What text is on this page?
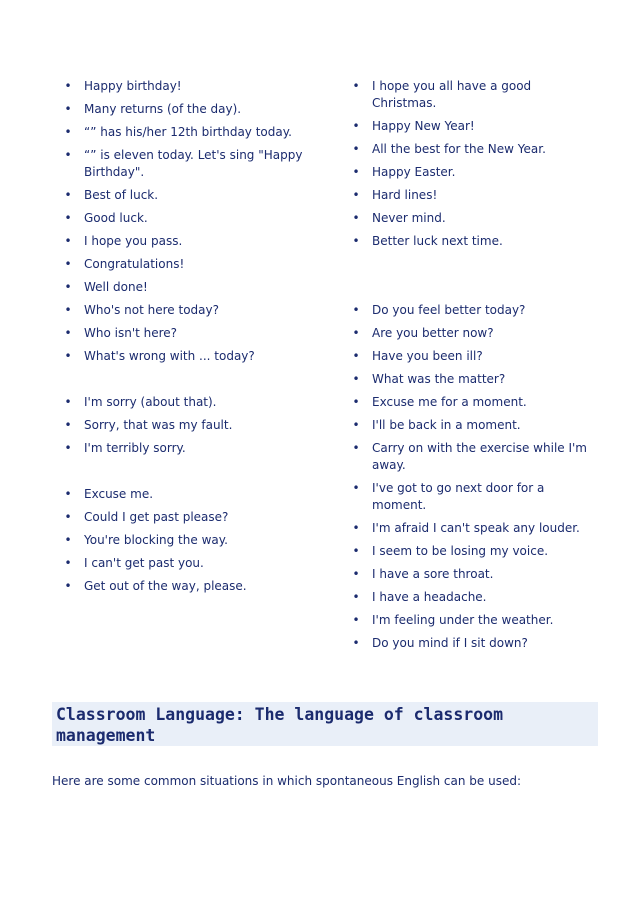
•	Happy birthday!
•	Many returns (of the day).
•	“” has his/her 12th birthday today.
•	“” is eleven today. Let's sing "Happy Birthday".
•	Best of luck.
•	Good luck.
•	I hope you pass.
•	Congratulations!
•	Well done!
•	Who's not here today?
•	Who isn't here?
•	What's wrong with ... today?
•	I'm sorry (about that).
•	Sorry, that was my fault.
•	I'm terribly sorry.
•	Excuse me.
•	Could I get past please?
•	You're blocking the way.
•	I can't get past you.
•	Get out of the way, please.
•	I hope you all have a good Christmas.
•	Happy New Year!
•	All the best for the New Year.
•	Happy Easter.
•	Hard lines!
•	Never mind.
•	Better luck next time.
•	Do you feel better today?
•	Are you better now?
•	Have you been ill?
•	What was the matter?
•	Excuse me for a moment.
•	I'll be back in a moment.
•	Carry on with the exercise while I'm away.
•	I've got to go next door for a moment.
•	I'm afraid I can't speak any louder.
•	I seem to be losing my voice.
•	I have a sore throat.
•	I have a headache.
•	I'm feeling under the weather.
•	Do you mind if I sit down?
Classroom Language: The language of classroom management
Here are some common situations in which spontaneous English can be used:
